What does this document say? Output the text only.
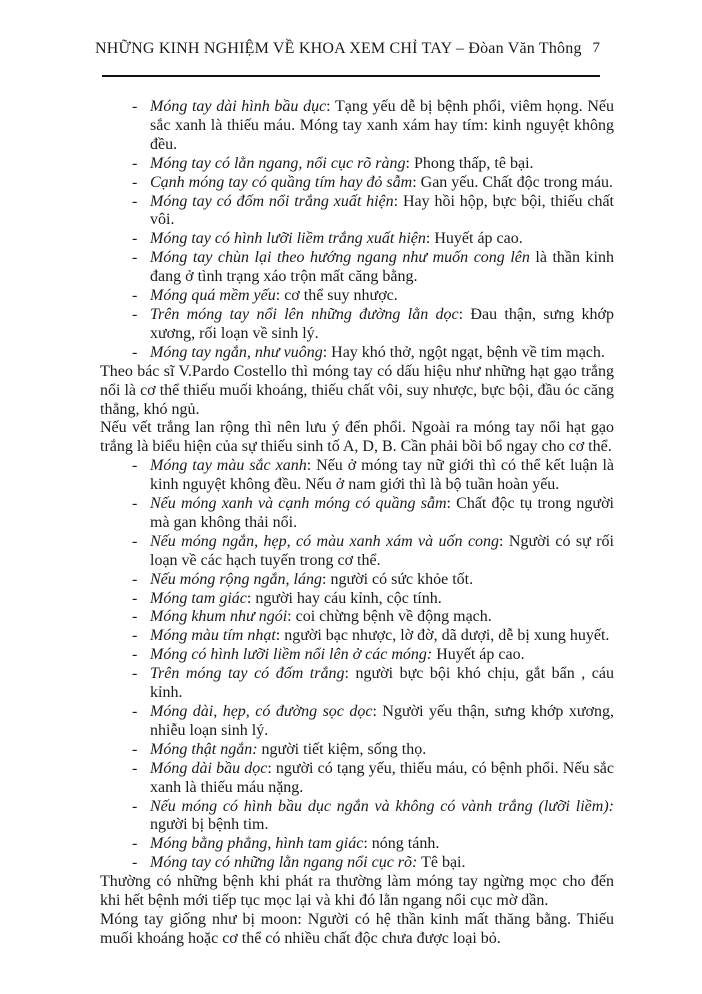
NHỮNG KINH NGHIỆM VỀ KHOA XEM CHỈ TAY – Đòan Văn Thông 7
- Móng tay dài hình bầu dục: Tạng yếu dễ bị bệnh phổi, viêm họng. Nếu sắc xanh là thiếu máu. Móng tay xanh xám hay tím: kinh nguyệt không đều.
- Móng tay có lằn ngang, nổi cục rõ ràng: Phong thấp, tê bại.
- Cạnh móng tay có quầng tím hay đỏ sẫm: Gan yếu. Chất độc trong máu.
- Móng tay có đốm nổi trắng xuất hiện: Hay hồi hộp, bực bội, thiếu chất vôi.
- Móng tay có hình lưỡi liềm trắng xuất hiện: Huyết áp cao.
- Móng tay chùn lại theo hướng ngang như muốn cong lên là thần kinh đang ở tình trạng xáo trộn mất căng bằng.
- Móng quá mềm yếu: cơ thể suy nhược.
- Trên móng tay nổi lên những đường lằn dọc: Đau thận, sưng khớp xương, rối loạn về sinh lý.
- Móng tay ngắn, như vuông: Hay khó thở, ngột ngạt, bệnh về tim mạch.

Theo bác sĩ V.Pardo Costello thì móng tay có dấu hiệu như những hạt gạo trắng nổi là cơ thể thiếu muối khoáng, thiếu chất vôi, suy nhược, bực bội, đầu óc căng thẳng, khó ngủ.

Nếu vết trắng lan rộng thì nên lưu ý đến phổi. Ngoài ra móng tay nổi hạt gạo trắng là biểu hiện của sự thiếu sinh tố A, D, B. Cần phải bồi bổ ngay cho cơ thể.

- Móng tay màu sắc xanh: Nếu ở móng tay nữ giới thì có thể kết luận là kinh nguyệt không đều. Nếu ở nam giới thì là bộ tuần hoàn yếu.
- Nếu móng xanh và cạnh móng có quầng sẫm: Chất độc tụ trong người mà gan không thải nổi.
- Nếu móng ngắn, hẹp, có màu xanh xám và uốn cong: Người có sự rối loạn về các hạch tuyến trong cơ thể.
- Nếu móng rộng ngắn, láng: người có sức khỏe tốt.
- Móng tam giác: người hay cáu kỉnh, cộc tính.
- Móng khum như ngói: coi chừng bệnh về động mạch.
- Móng màu tím nhạt: người bạc nhược, lờ đờ, dã dượi, dễ bị xung huyết.
- Móng có hình lưỡi liềm nổi lên ở các móng: Huyết áp cao.
- Trên móng tay có đốm trắng: người bực bội khó chịu, gắt bẩn , cáu kỉnh.
- Móng dài, hẹp, có đường sọc dọc: Người yếu thận, sưng khớp xương, nhiễu loạn sinh lý.
- Móng thật ngắn: người tiết kiệm, sống thọ.
- Móng dài bầu dọc: người có tạng yếu, thiếu máu, có bệnh phổi. Nếu sắc xanh là thiếu máu nặng.
- Nếu móng có hình bầu dục ngắn và không có vành trắng (lưỡi liềm): người bị bệnh tim.
- Móng bằng phẳng, hình tam giác: nóng tánh.
- Móng tay có những lằn ngang nổi cục rõ: Tê bại.

Thường có những bệnh khi phát ra thường làm móng tay ngừng mọc cho đến khi hết bệnh mới tiếp tục mọc lại và khi đó lằn ngang nổi cục mờ dần.

Móng tay giống như bị moon: Người có hệ thần kinh mất thăng bằng. Thiếu muối khoáng hoặc cơ thể có nhiều chất độc chưa được loại bỏ.
